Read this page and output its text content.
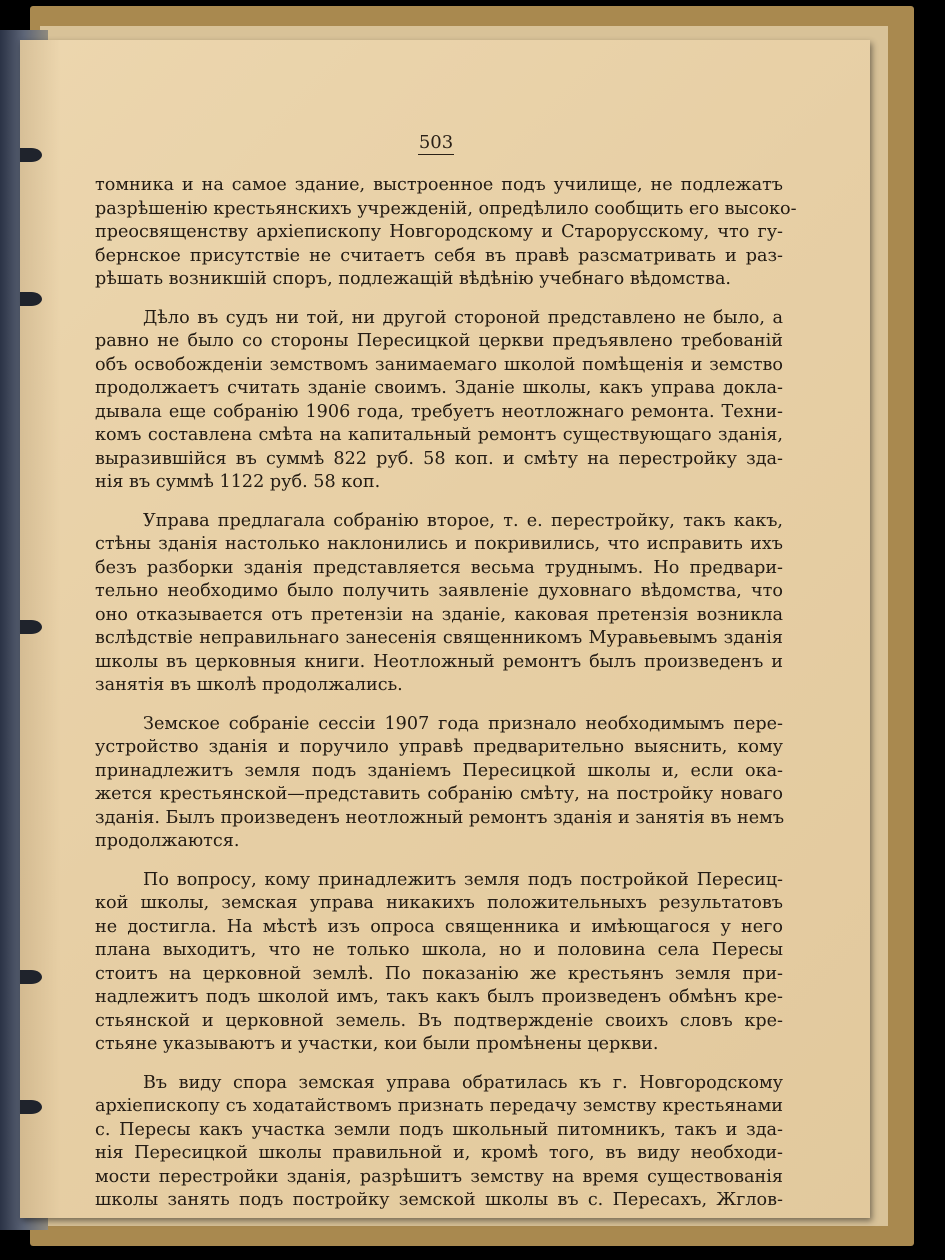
503
томника и на самое здание, выстроенное подъ училище, не подлежатъ
разрѣшенію крестьянскихъ учрежденій, опредѣлило сообщить его высоко-
преосвященству архіепископу Новгородскому и Старорусскому, что гу-
бернское присутствіе не считаетъ себя въ правѣ разсматривать и раз-
рѣшать возникшій споръ, подлежащій вѣдѣнію учебнаго вѣдомства.
Дѣло въ судъ ни той, ни другой стороной представлено не было, а
равно не было со стороны Пересицкой церкви предъявлено требованій
объ освобожденіи земствомъ занимаемаго школой помѣщенія и земство
продолжаетъ считать зданіе своимъ. Зданіе школы, какъ управа докла-
дывала еще собранію 1906 года, требуетъ неотложнаго ремонта. Техни-
комъ составлена смѣта на капитальный ремонтъ существующаго зданія,
выразившійся въ суммѣ 822 руб. 58 коп. и смѣту на перестройку зда-
нія въ суммѣ 1122 руб. 58 коп.
Управа предлагала собранію второе, т. е. перестройку, такъ какъ,
стѣны зданія настолько наклонились и покривились, что исправить ихъ
безъ разборки зданія представляется весьма труднымъ. Но предвари-
тельно необходимо было получить заявленіе духовнаго вѣдомства, что
оно отказывается отъ претензіи на зданіе, каковая претензія возникла
вслѣдствіе неправильнаго занесенія священникомъ Муравьевымъ зданія
школы въ церковныя книги. Неотложный ремонтъ былъ произведенъ и
занятія въ школѣ продолжались.
Земское собраніе сессіи 1907 года признало необходимымъ пере-
устройство зданія и поручило управѣ предварительно выяснить, кому
принадлежитъ земля подъ зданіемъ Пересицкой школы и, если ока-
жется крестьянской—представить собранію смѣту, на постройку новаго
зданія. Былъ произведенъ неотложный ремонтъ зданія и занятія въ немъ
продолжаются.
По вопросу, кому принадлежитъ земля подъ постройкой Пересиц-
кой школы, земская управа никакихъ положительныхъ результатовъ
не достигла. На мѣстѣ изъ опроса священника и имѣющагося у него
плана выходитъ, что не только школа, но и половина села Пересы
стоитъ на церковной землѣ. По показанію же крестьянъ земля при-
надлежитъ подъ школой имъ, такъ какъ былъ произведенъ обмѣнъ кре-
стьянской и церковной земель. Въ подтвержденіе своихъ словъ кре-
стьяне указываютъ и участки, кои были промѣнены церкви.
Въ виду спора земская управа обратилась къ г. Новгородскому
архіепископу съ ходатайствомъ признать передачу земству крестьянами
с. Пересы какъ участка земли подъ школьный питомникъ, такъ и зда-
нія Пересицкой школы правильной и, кромѣ того, въ виду необходи-
мости перестройки зданія, разрѣшитъ земству на время существованія
школы занять подъ постройку земской школы въ с. Пересахъ, Жглов-
